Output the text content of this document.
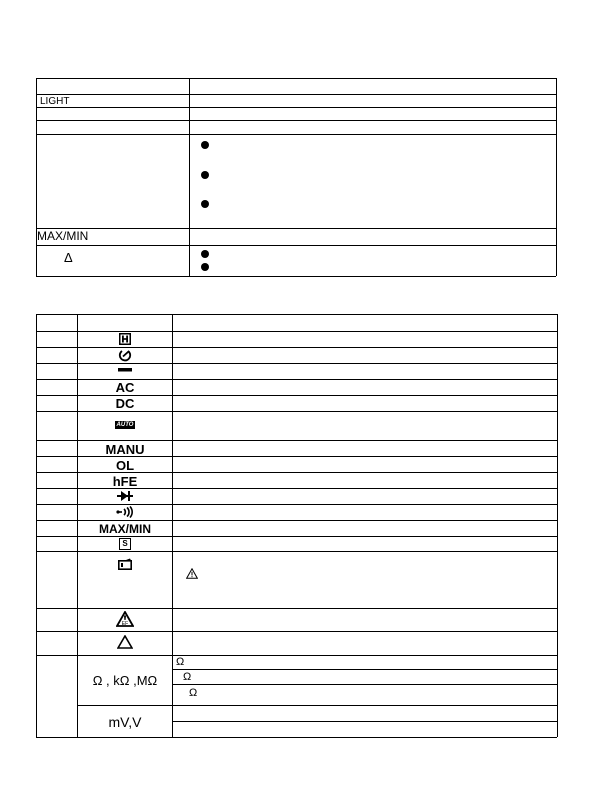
LIGHT
MAX/MIN
Δ
AC
DC
AUTO
MANU
OL
hFE
MAX/MIN
S
EF
Ω , kΩ ,MΩ
Ω
Ω
Ω
mV,V
